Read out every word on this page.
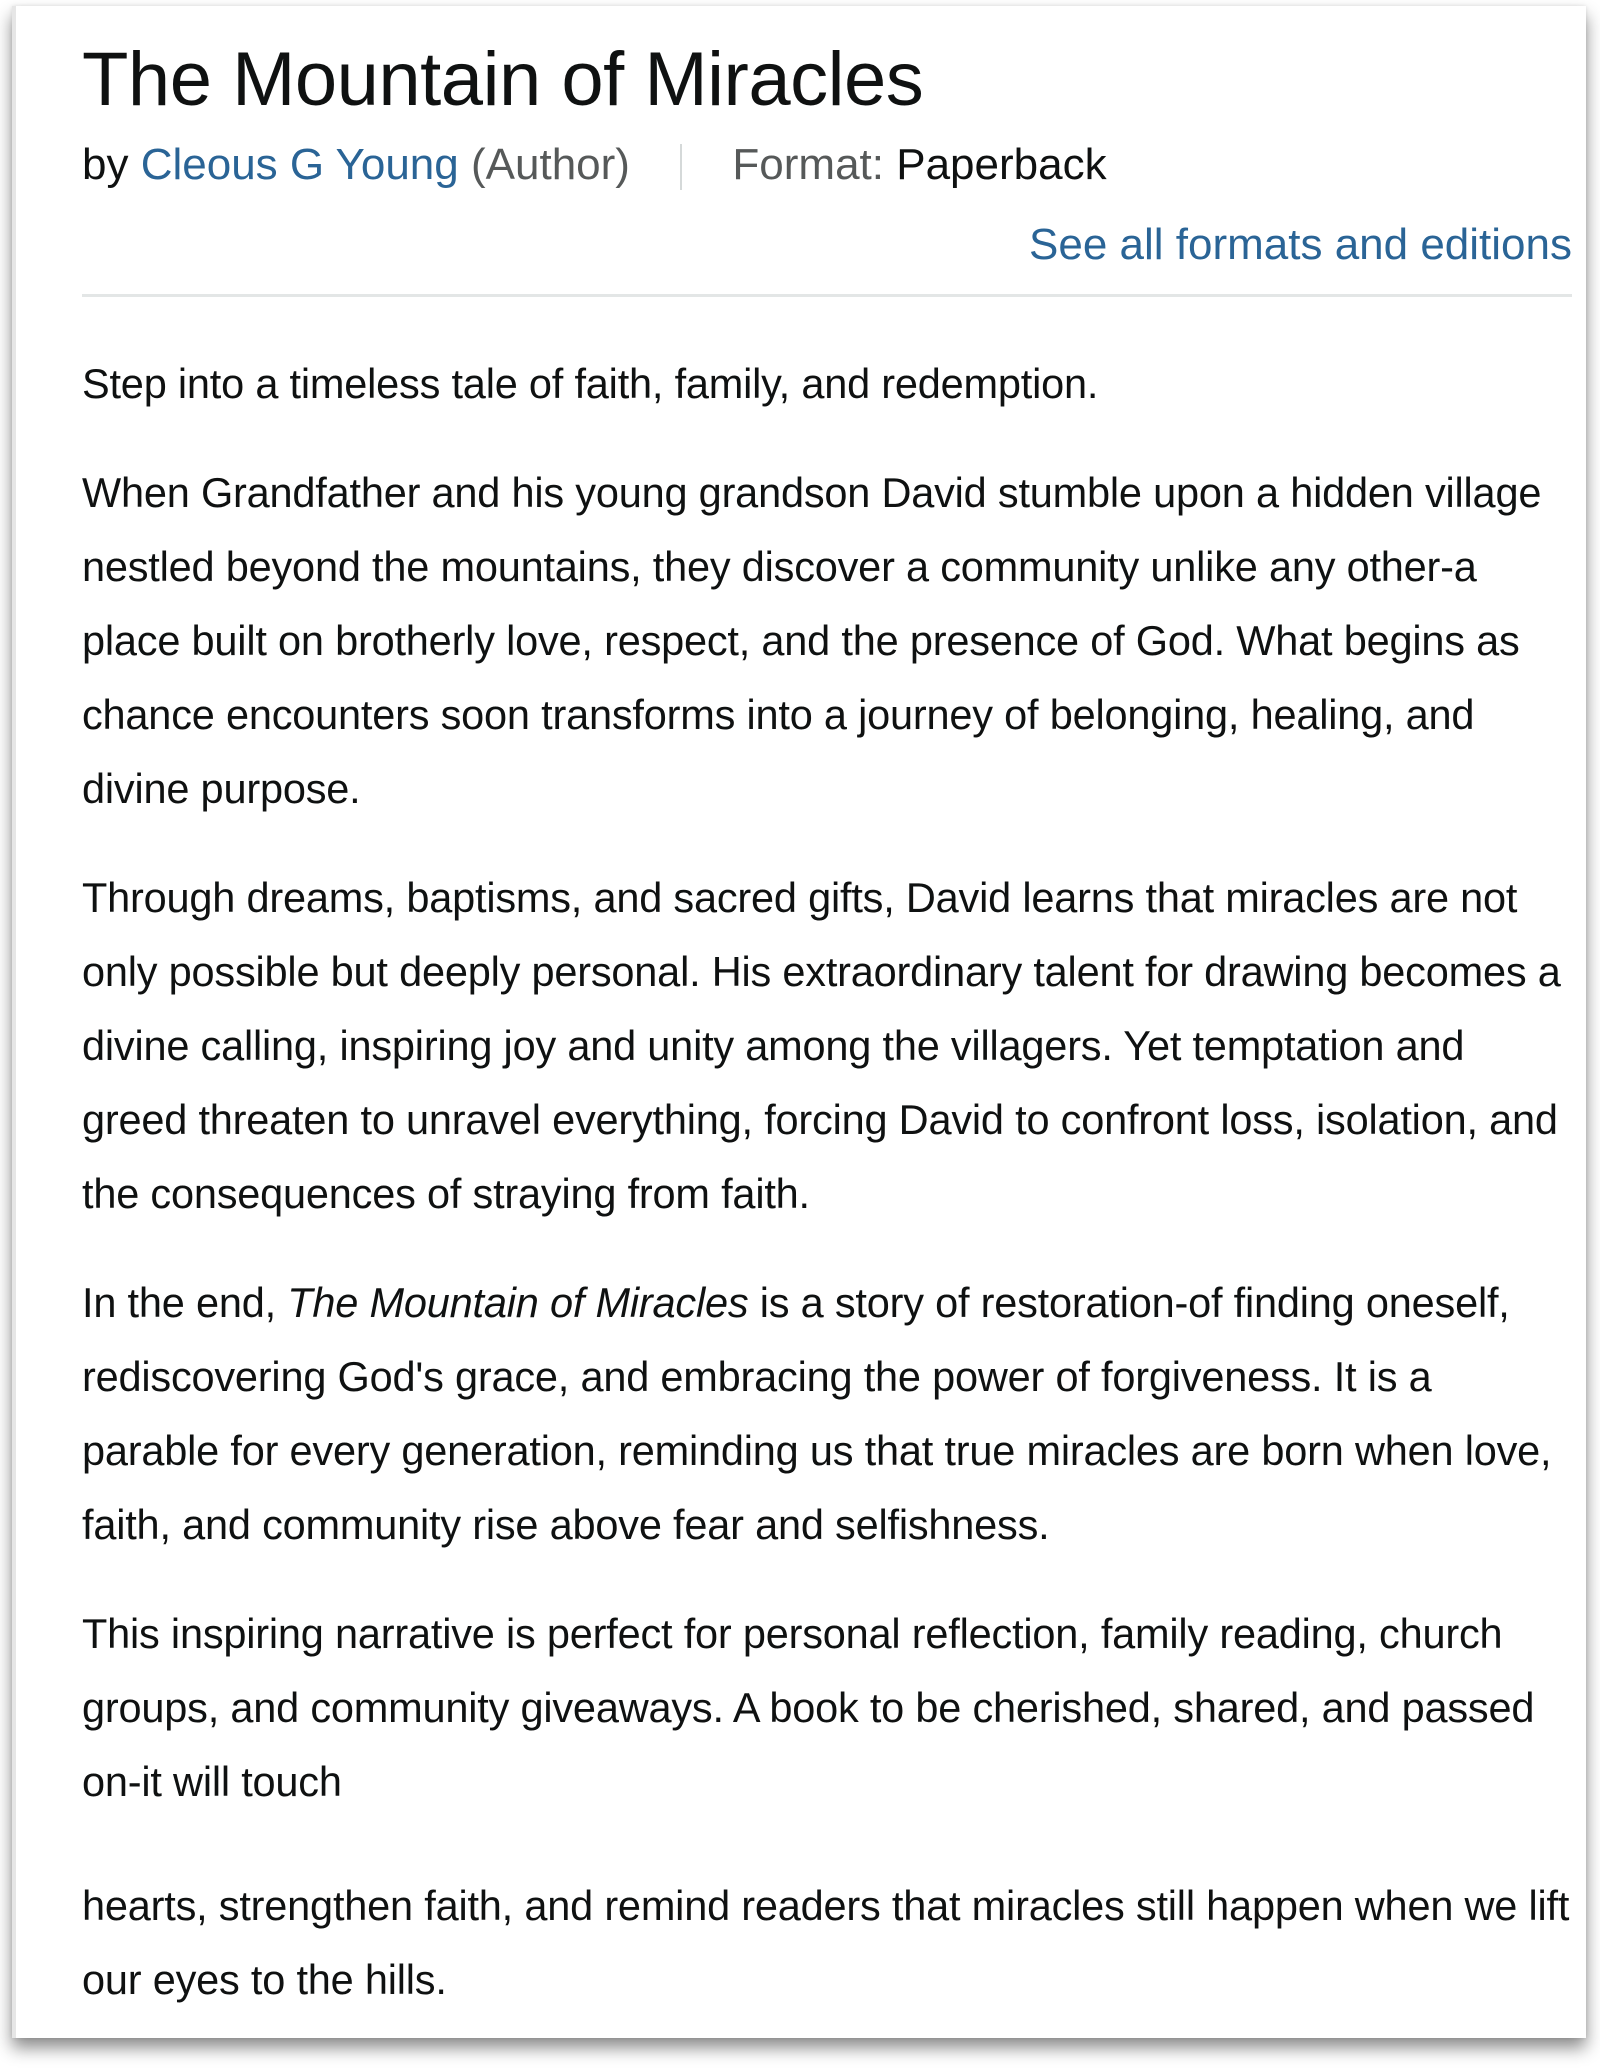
The Mountain of Miracles
by Cleous G Young (Author) Format: Paperback
See all formats and editions

Step into a timeless tale of faith, family, and redemption.

When Grandfather and his young grandson David stumble upon a hidden village nestled beyond the mountains, they discover a community unlike any other-a place built on brotherly love, respect, and the presence of God. What begins as chance encounters soon transforms into a journey of belonging, healing, and divine purpose.

Through dreams, baptisms, and sacred gifts, David learns that miracles are not only possible but deeply personal. His extraordinary talent for drawing becomes a divine calling, inspiring joy and unity among the villagers. Yet temptation and greed threaten to unravel everything, forcing David to confront loss, isolation, and the consequences of straying from faith.

In the end, The Mountain of Miracles is a story of restoration-of finding oneself, rediscovering God's grace, and embracing the power of forgiveness. It is a parable for every generation, reminding us that true miracles are born when love, faith, and community rise above fear and selfishness.

This inspiring narrative is perfect for personal reflection, family reading, church groups, and community giveaways. A book to be cherished, shared, and passed on-it will touch

hearts, strengthen faith, and remind readers that miracles still happen when we lift our eyes to the hills.
